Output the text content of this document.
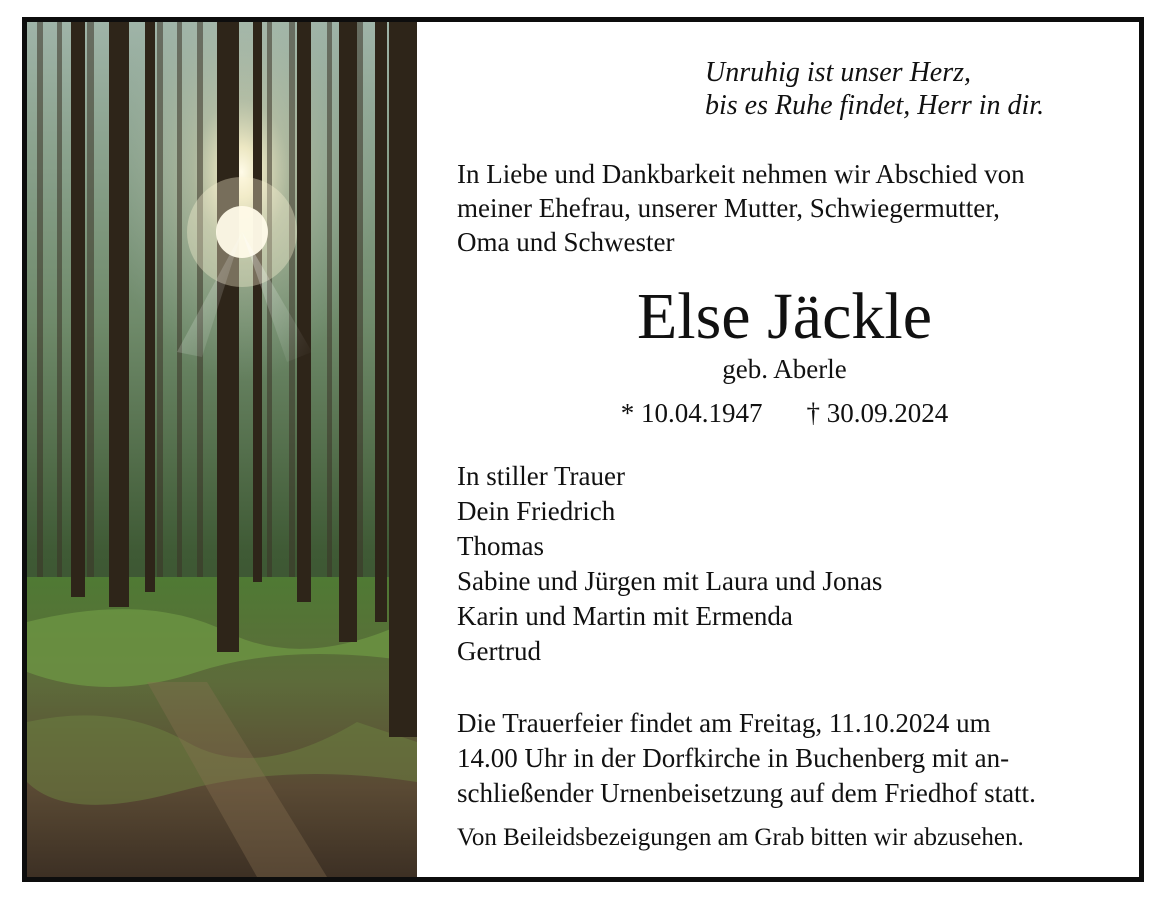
Unruhig ist unser Herz,
bis es Ruhe findet, Herr in dir.
In Liebe und Dankbarkeit nehmen wir Abschied von
meiner Ehefrau, unserer Mutter, Schwiegermutter,
Oma und Schwester
Else Jäckle
geb. Aberle
* 10.04.1947 † 30.09.2024
In stiller Trauer
Dein Friedrich
Thomas
Sabine und Jürgen mit Laura und Jonas
Karin und Martin mit Ermenda
Gertrud
Die Trauerfeier findet am Freitag, 11.10.2024 um
14.00 Uhr in der Dorfkirche in Buchenberg mit an-
schließender Urnenbeisetzung auf dem Friedhof statt.
Von Beileidsbezeigungen am Grab bitten wir abzusehen.
